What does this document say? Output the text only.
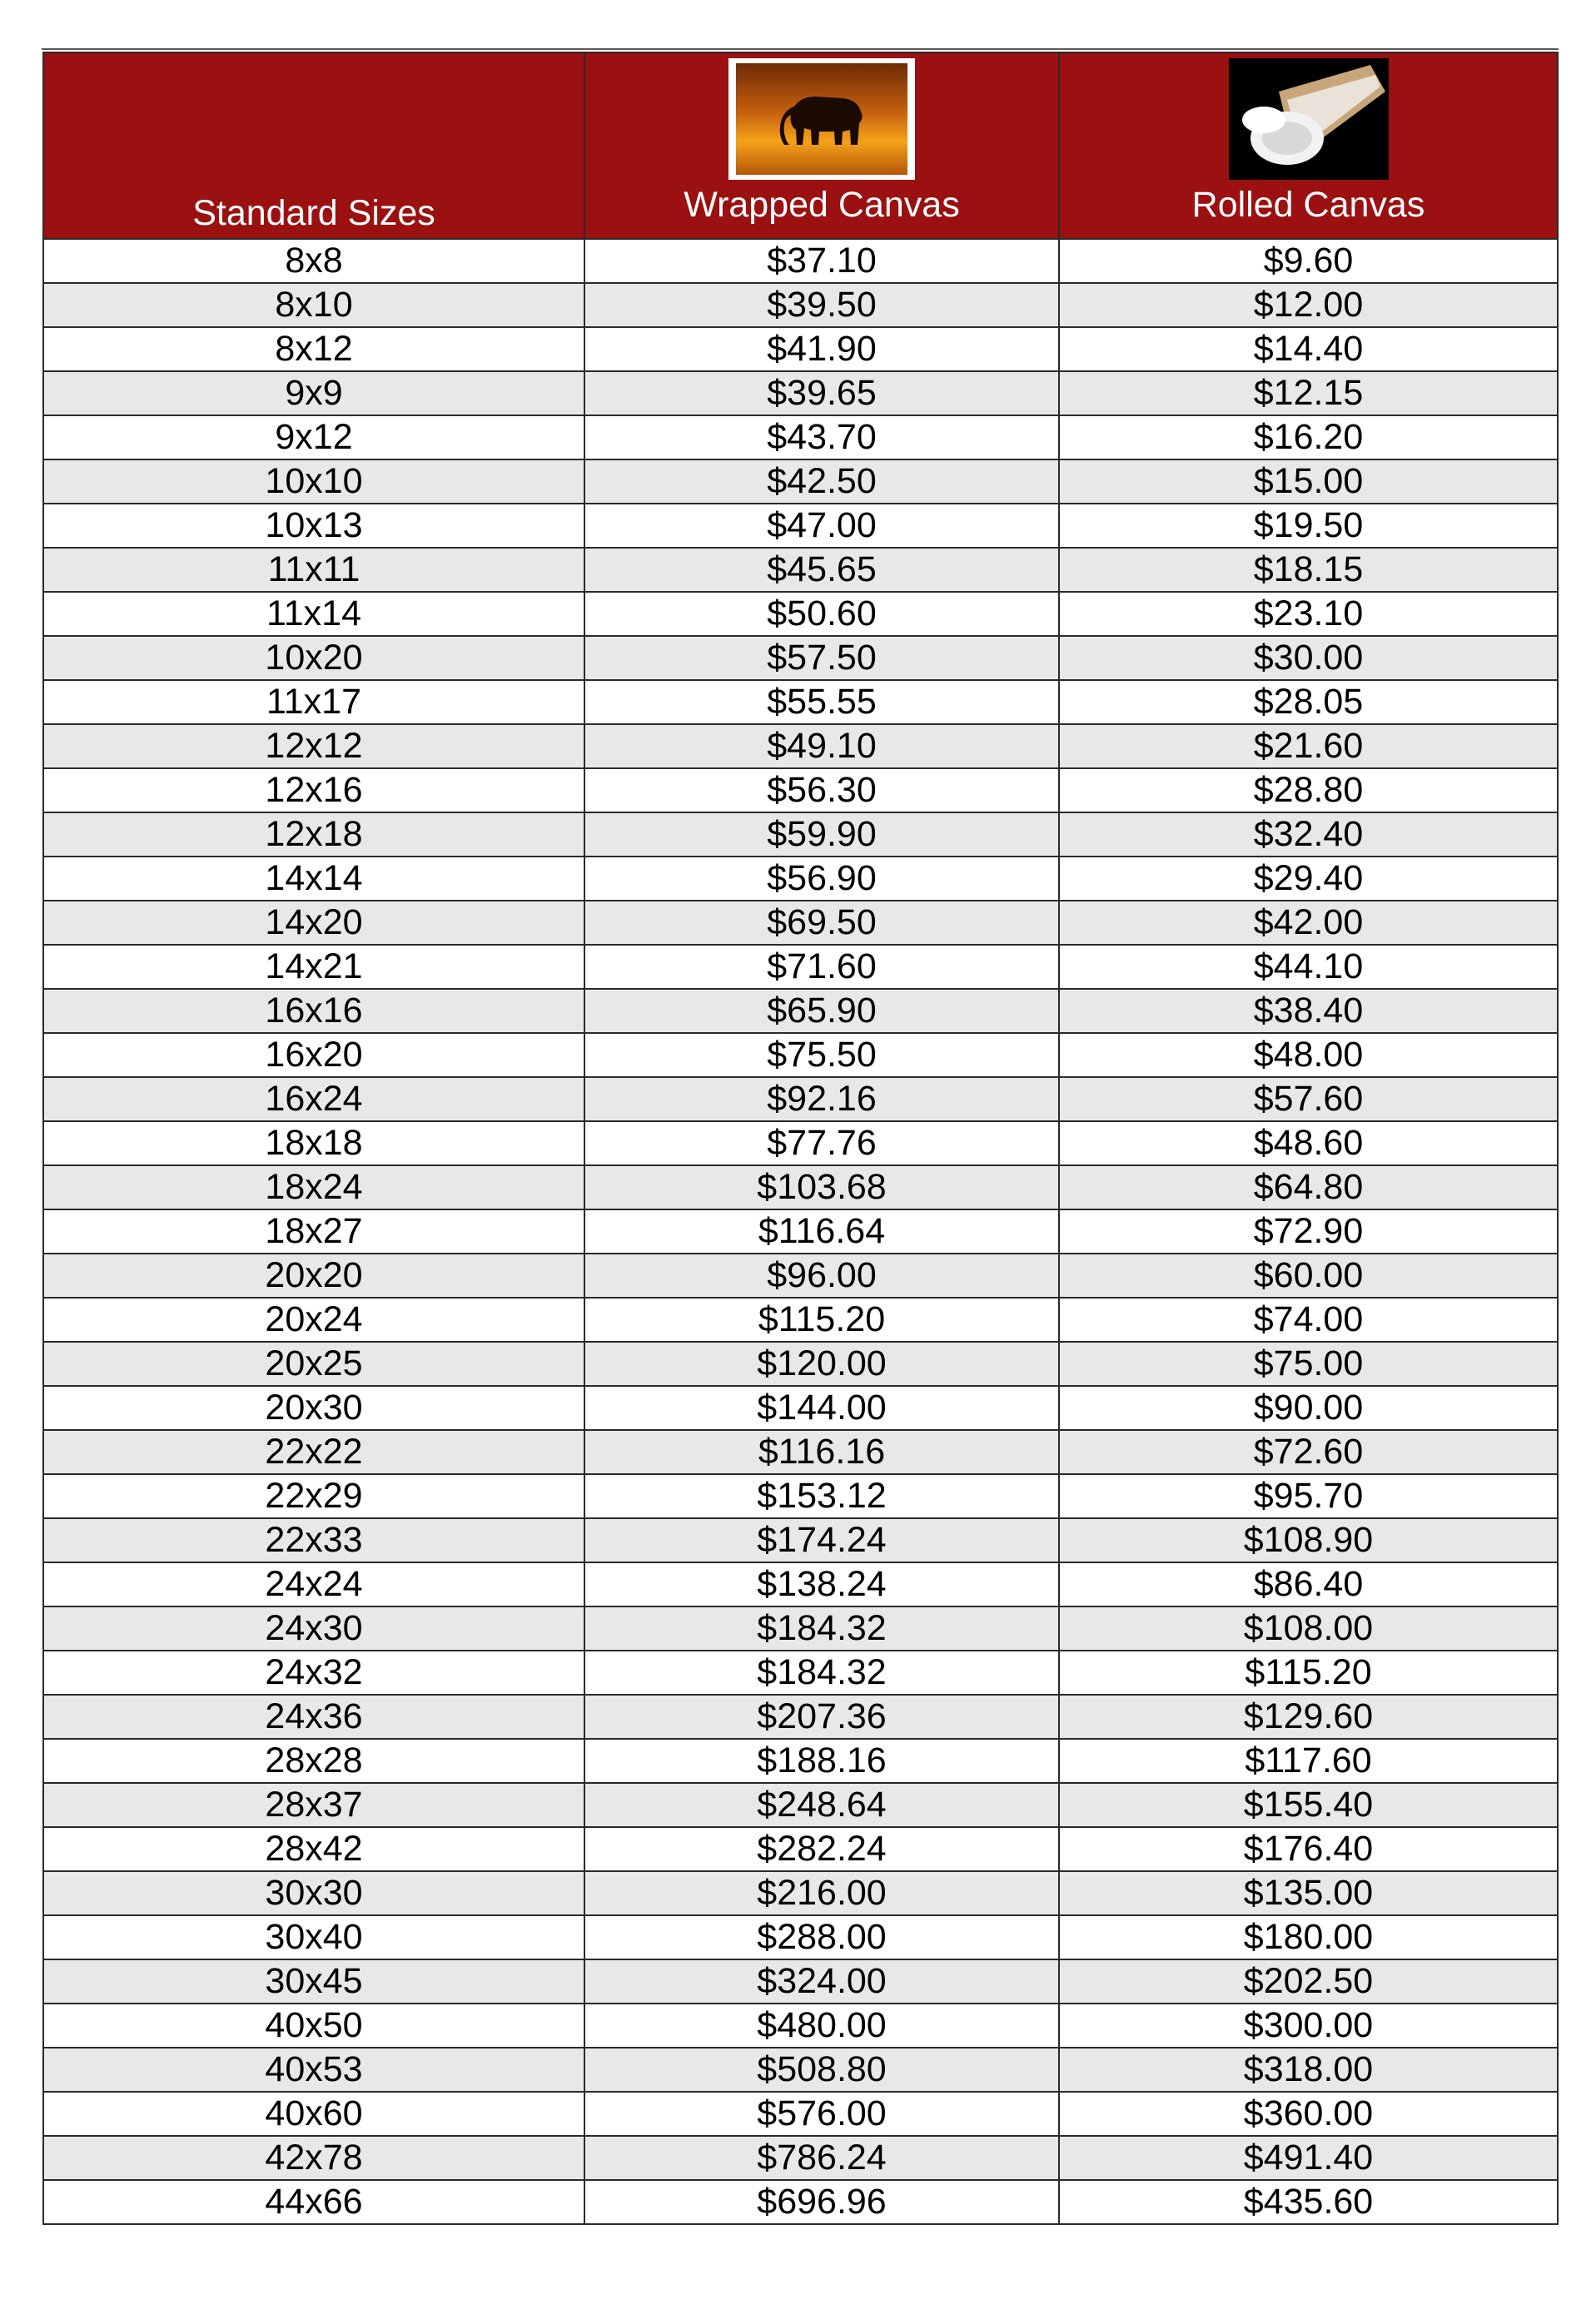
Standard Sizes	Wrapped Canvas	Rolled Canvas

8x8	$37.10	$9.60
8x10	$39.50	$12.00
8x12	$41.90	$14.40
9x9	$39.65	$12.15
9x12	$43.70	$16.20
10x10	$42.50	$15.00
10x13	$47.00	$19.50
11x11	$45.65	$18.15
11x14	$50.60	$23.10
10x20	$57.50	$30.00
11x17	$55.55	$28.05
12x12	$49.10	$21.60
12x16	$56.30	$28.80
12x18	$59.90	$32.40
14x14	$56.90	$29.40
14x20	$69.50	$42.00
14x21	$71.60	$44.10
16x16	$65.90	$38.40
16x20	$75.50	$48.00
16x24	$92.16	$57.60
18x18	$77.76	$48.60
18x24	$103.68	$64.80
18x27	$116.64	$72.90
20x20	$96.00	$60.00
20x24	$115.20	$74.00
20x25	$120.00	$75.00
20x30	$144.00	$90.00
22x22	$116.16	$72.60
22x29	$153.12	$95.70
22x33	$174.24	$108.90
24x24	$138.24	$86.40
24x30	$184.32	$108.00
24x32	$184.32	$115.20
24x36	$207.36	$129.60
28x28	$188.16	$117.60
28x37	$248.64	$155.40
28x42	$282.24	$176.40
30x30	$216.00	$135.00
30x40	$288.00	$180.00
30x45	$324.00	$202.50
40x50	$480.00	$300.00
40x53	$508.80	$318.00
40x60	$576.00	$360.00
42x78	$786.24	$491.40
44x66	$696.96	$435.60
